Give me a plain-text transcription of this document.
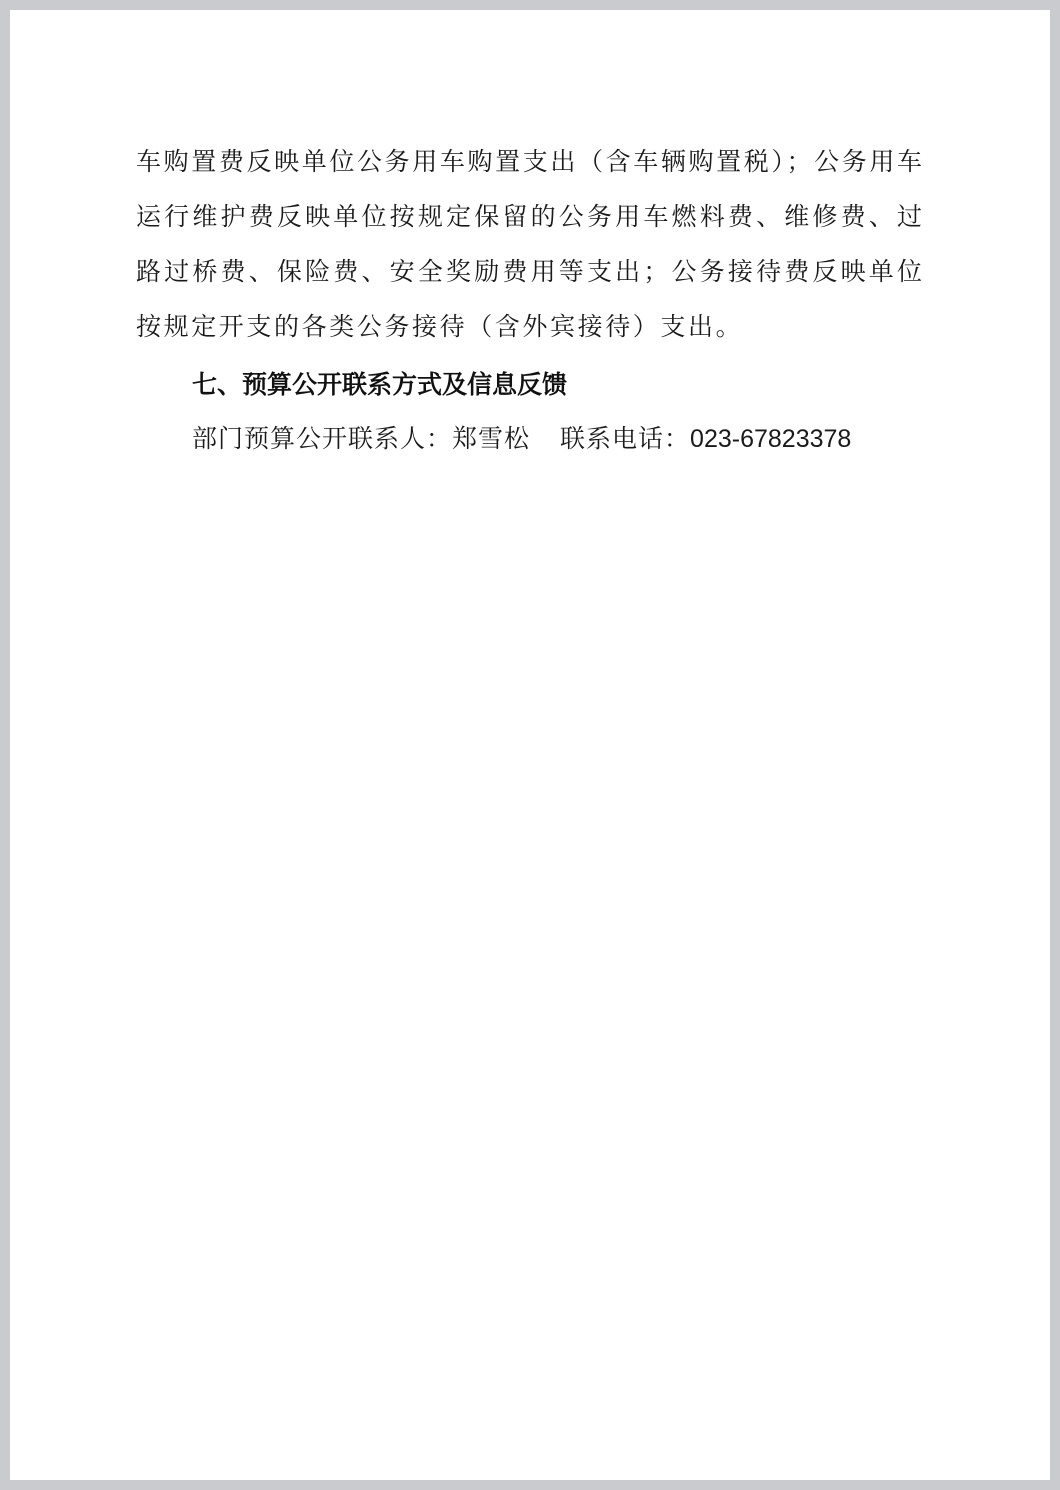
车购置费反映单位公务用车购置支出（含车辆购置税）；公务用车
运行维护费反映单位按规定保留的公务用车燃料费、维修费、过
路过桥费、保险费、安全奖励费用等支出；公务接待费反映单位
按规定开支的各类公务接待（含外宾接待）支出。
七、预算公开联系方式及信息反馈
部门预算公开联系人：郑雪松 联系电话：023-67823378
